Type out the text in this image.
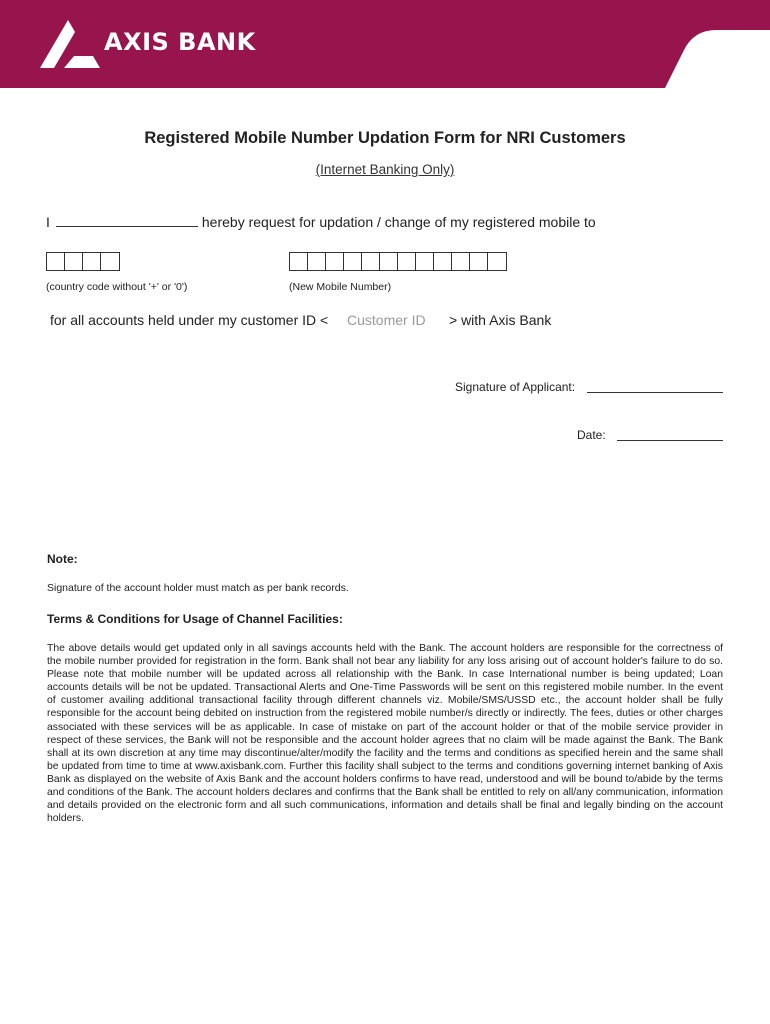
AXIS BANK
Registered Mobile Number Updation Form for NRI Customers
(Internet Banking Only)
I	hereby request for updation / change of my registered mobile to
(country code without '+' or '0')	(New Mobile Number)
for all accounts held under my customer ID < Customer ID > with Axis Bank
Signature of Applicant:
Date:
Note:
Signature of the account holder must match as per bank records.
Terms & Conditions for Usage of Channel Facilities:
The above details would get updated only in all savings accounts held with the Bank. The account holders are responsible for the correctness of the mobile number provided for registration in the form. Bank shall not bear any liability for any loss arising out of account holder's failure to do so. Please note that mobile number will be updated across all relationship with the Bank. In case International number is being updated; Loan accounts details will be not be updated. Transactional Alerts and One-Time Passwords will be sent on this registered mobile number. In the event of customer availing additional transactional facility through different channels viz. Mobile/SMS/USSD etc., the account holder shall be fully responsible for the account being debited on instruction from the registered mobile number/s directly or indirectly. The fees, duties or other charges associated with these services will be as applicable. In case of mistake on part of the account holder or that of the mobile service provider in respect of these services, the Bank will not be responsible and the account holder agrees that no claim will be made against the Bank. The Bank shall at its own discretion at any time may discontinue/alter/modify the facility and the terms and conditions as specified herein and the same shall be updated from time to time at www.axisbank.com. Further this facility shall subject to the terms and conditions governing internet banking of Axis Bank as displayed on the website of Axis Bank and the account holders confirms to have read, understood and will be bound to/abide by the terms and conditions of the Bank. The account holders declares and confirms that the Bank shall be entitled to rely on all/any communication, information and details provided on the electronic form and all such communications, information and details shall be final and legally binding on the account holders.
